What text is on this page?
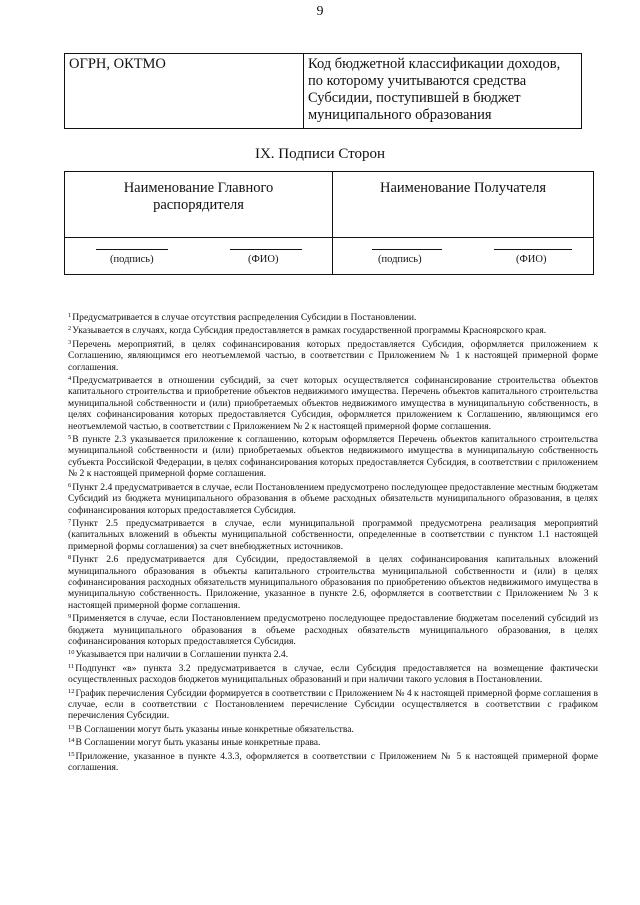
9
ОГРН, ОКТМО	Код бюджетной классификации доходов, по которому учитываются средства Субсидии, поступившей в бюджет муниципального образования
IX. Подписи Сторон
Наименование Главного распорядителя	Наименование Получателя

(подпись) (ФИО)	(подпись) (ФИО)

$^1$Предусматривается в случае отсутствия распределения Субсидии в Постановлении.

$^2$Указывается в случаях, когда Субсидия предоставляется в рамках государственной программы Красноярского края.

$^3$Перечень мероприятий, в целях софинансирования которых предоставляется Субсидия, оформляется приложением к Соглашению, являющимся его неотъемлемой частью, в соответствии с Приложением № 1 к настоящей примерной форме соглашения.

$^4$Предусматривается в отношении субсидий, за счет которых осуществляется софинансирование строительства объектов капитального строительства и приобретение объектов недвижимого имущества. Перечень объектов капитального строительства муниципальной собственности и (или) приобретаемых объектов недвижимого имущества в муниципальную собственность, в целях софинансирования которых предоставляется Субсидия, оформляется приложением к Соглашению, являющимся его неотъемлемой частью, в соответствии с Приложением № 2 к настоящей примерной форме соглашения.

$^5$В пункте 2.3 указывается приложение к соглашению, которым оформляется Перечень объектов капитального строительства муниципальной собственности и (или) приобретаемых объектов недвижимого имущества в муниципальную собственность субъекта Российской Федерации, в целях софинансирования которых предоставляется Субсидия, в соответствии с приложением № 2 к настоящей примерной форме соглашения.

$^6$Пункт 2.4 предусматривается в случае, если Постановлением предусмотрено последующее предоставление местным бюджетам Субсидий из бюджета муниципального образования в объеме расходных обязательств муниципального образования, в целях софинансирования которых предоставляется Субсидия.

$^7$Пункт 2.5 предусматривается в случае, если муниципальной программой предусмотрена реализация мероприятий (капитальных вложений в объекты муниципальной собственности, определенные в соответствии с пунктом 1.1 настоящей примерной формы соглашения) за счет внебюджетных источников.

$^8$Пункт 2.6 предусматривается для Субсидии, предоставляемой в целях софинансирования капитальных вложений муниципального образования в объекты капитального строительства муниципальной собственности и (или) в целях софинансирования расходных обязательств муниципального образования по приобретению объектов недвижимого имущества в муниципальную собственность. Приложение, указанное в пункте 2.6, оформляется в соответствии с Приложением № 3 к настоящей примерной форме соглашения.

$^9$Применяется в случае, если Постановлением предусмотрено последующее предоставление бюджетам поселений субсидий из бюджета муниципального образования в объеме расходных обязательств муниципального образования, в целях софинансирования которых предоставляется Субсидия.

$^{10}$Указывается при наличии в Соглашении пункта 2.4.

$^{11}$Подпункт «в» пункта 3.2 предусматривается в случае, если Субсидия предоставляется на возмещение фактически осуществленных расходов бюджетов муниципальных образований и при наличии такого условия в Постановлении.

$^{12}$График перечисления Субсидии формируется в соответствии с Приложением № 4 к настоящей примерной форме соглашения в случае, если в соответствии с Постановлением перечисление Субсидии осуществляется в соответствии с графиком перечисления Субсидии.

$^{13}$В Соглашении могут быть указаны иные конкретные обязательства.

$^{14}$В Соглашении могут быть указаны иные конкретные права.

$^{15}$Приложение, указанное в пункте 4.3.3, оформляется в соответствии с Приложением № 5 к настоящей примерной форме соглашения.
